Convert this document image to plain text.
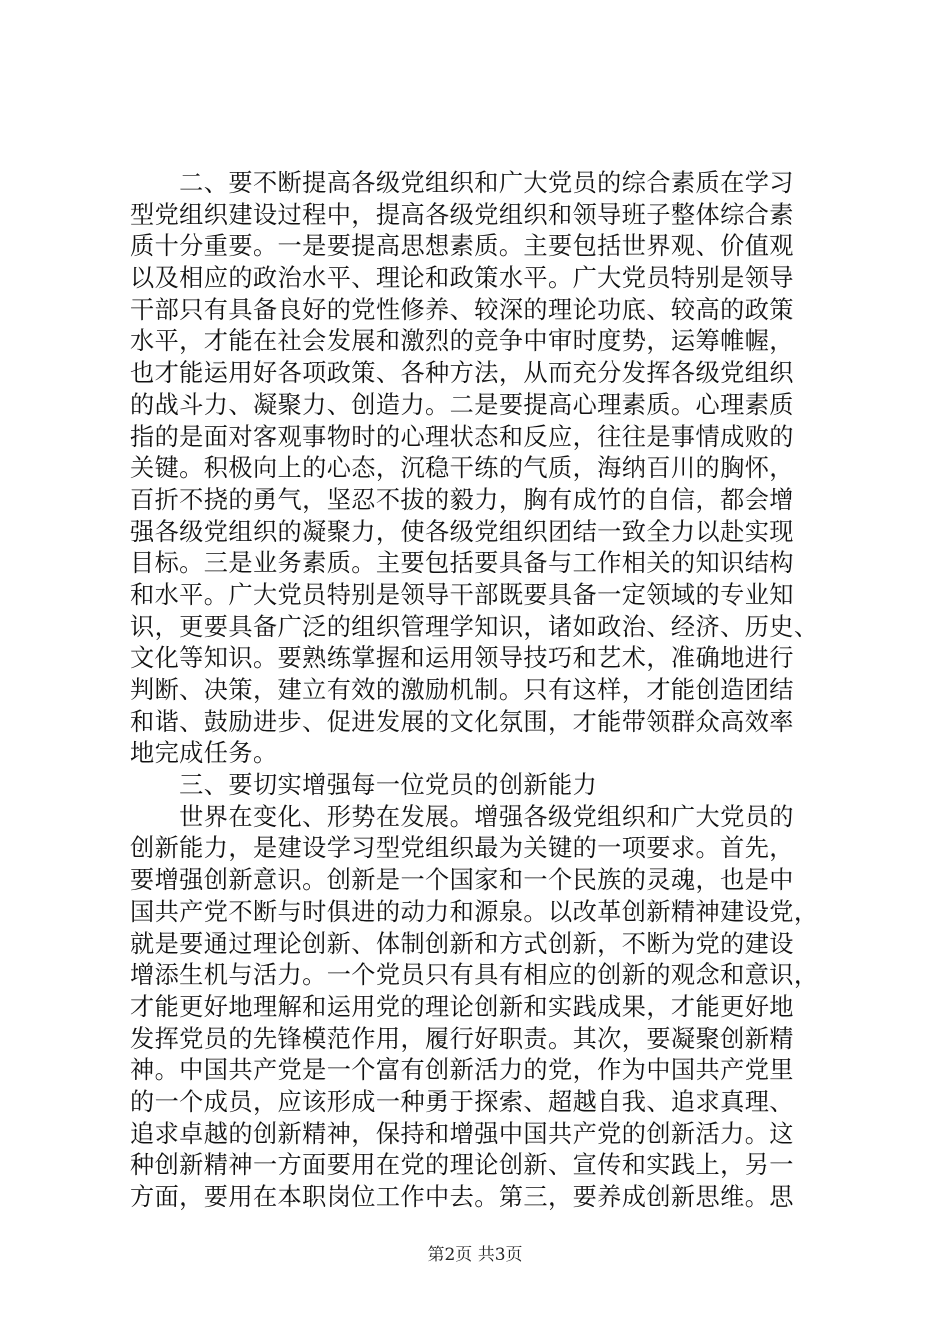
　　二、要不断提高各级党组织和广大党员的综合素质在学习
型党组织建设过程中，提高各级党组织和领导班子整体综合素
质十分重要。一是要提高思想素质。主要包括世界观、价值观
以及相应的政治水平、理论和政策水平。广大党员特别是领导
干部只有具备良好的党性修养、较深的理论功底、较高的政策
水平，才能在社会发展和激烈的竞争中审时度势，运筹帷幄，
也才能运用好各项政策、各种方法，从而充分发挥各级党组织
的战斗力、凝聚力、创造力。二是要提高心理素质。心理素质
指的是面对客观事物时的心理状态和反应，往往是事情成败的
关键。积极向上的心态，沉稳干练的气质，海纳百川的胸怀，
百折不挠的勇气，坚忍不拔的毅力，胸有成竹的自信，都会增
强各级党组织的凝聚力，使各级党组织团结一致全力以赴实现
目标。三是业务素质。主要包括要具备与工作相关的知识结构
和水平。广大党员特别是领导干部既要具备一定领域的专业知
识，更要具备广泛的组织管理学知识，诸如政治、经济、历史、
文化等知识。要熟练掌握和运用领导技巧和艺术，准确地进行
判断、决策，建立有效的激励机制。只有这样，才能创造团结
和谐、鼓励进步、促进发展的文化氛围，才能带领群众高效率
地完成任务。
　　三、要切实增强每一位党员的创新能力
　　世界在变化、形势在发展。增强各级党组织和广大党员的
创新能力，是建设学习型党组织最为关键的一项要求。首先，
要增强创新意识。创新是一个国家和一个民族的灵魂，也是中
国共产党不断与时俱进的动力和源泉。以改革创新精神建设党，
就是要通过理论创新、体制创新和方式创新，不断为党的建设
增添生机与活力。一个党员只有具有相应的创新的观念和意识，
才能更好地理解和运用党的理论创新和实践成果，才能更好地
发挥党员的先锋模范作用，履行好职责。其次，要凝聚创新精
神。中国共产党是一个富有创新活力的党，作为中国共产党里
的一个成员，应该形成一种勇于探索、超越自我、追求真理、
追求卓越的创新精神，保持和增强中国共产党的创新活力。这
种创新精神一方面要用在党的理论创新、宣传和实践上，另一
方面，要用在本职岗位工作中去。第三，要养成创新思维。思
第2页 共3页
